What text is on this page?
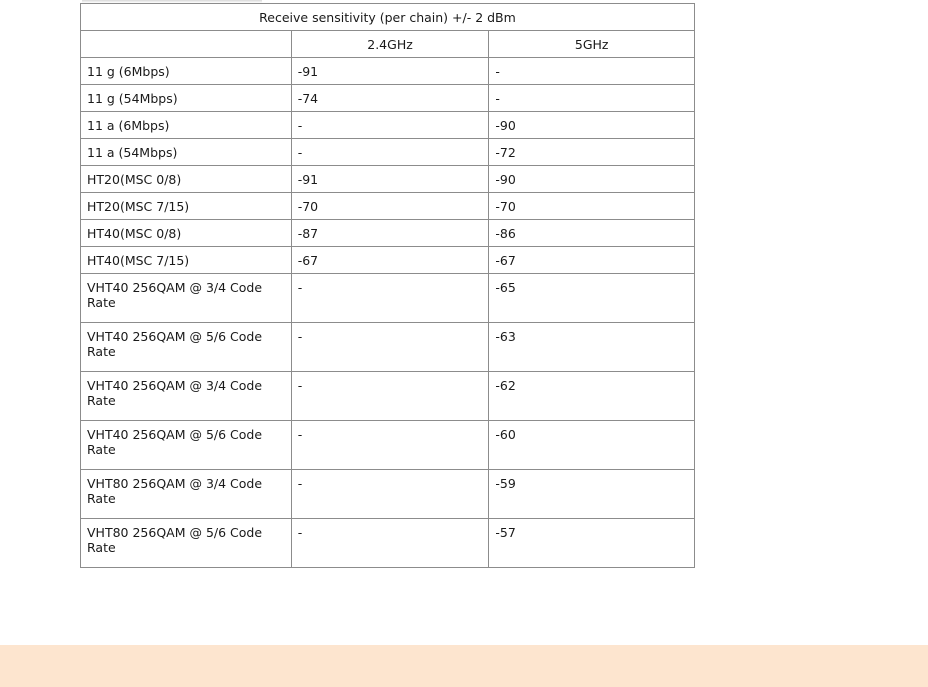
Receive sensitivity (per chain) +/- 2 dBm		
	2.4GHz	5GHz
11 g (6Mbps)	-91	-
11 g (54Mbps)	-74	-
11 a (6Mbps)	-	-90
11 a (54Mbps)	-	-72
HT20(MSC 0/8)	-91	-90
HT20(MSC 7/15)	-70	-70
HT40(MSC 0/8)	-87	-86
HT40(MSC 7/15)	-67	-67
VHT40 256QAM @ 3/4 Code Rate	-	-65
VHT40 256QAM @ 5/6 Code Rate	-	-63
VHT40 256QAM @ 3/4 Code Rate	-	-62
VHT40 256QAM @ 5/6 Code Rate	-	-60
VHT80 256QAM @ 3/4 Code Rate	-	-59
VHT80 256QAM @ 5/6 Code Rate	-	-57
